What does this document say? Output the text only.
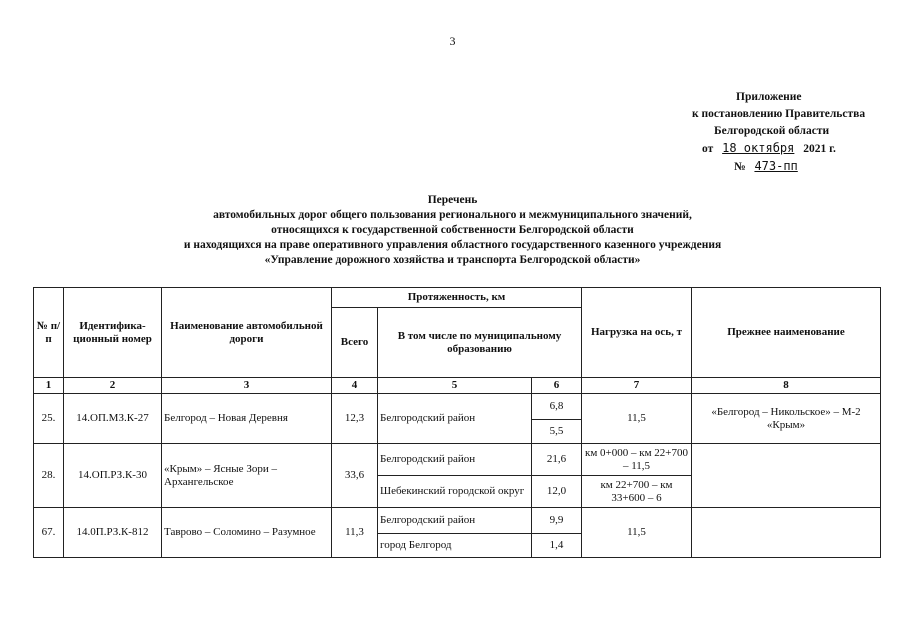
3
Приложение
к постановлению Правительства
Белгородской области
от 18 октября 2021 г.
№ 473-пп
Перечень
автомобильных дорог общего пользования регионального и межмуниципального значений,
относящихся к государственной собственности Белгородской области
и находящихся на праве оперативного управления областного государственного казенного учреждения
«Управление дорожного хозяйства и транспорта Белгородской области»
№ п/п	Идентифика-ционный номер	Наименование автомобильной дороги	Протяженность, км			Нагрузка на ось, т	Прежнее наименование
			Всего	В том числе по муниципальному образованию			
1	2	3	4	5	6	7	8
25.	14.ОП.МЗ.К-27	Белгород – Новая Деревня	12,3	Белгородский район	6,8	11,5	«Белгород – Никольское» – М-2 «Крым»
					5,5		
28.	14.ОП.РЗ.К-30	«Крым» – Ясные Зори – Архангельское	33,6	Белгородский район	21,6	км 0+000 – км 22+700 – 11,5	
				Шебекинский городской округ	12,0	км 22+700 – км 33+600 – 6	
67.	14.0П.РЗ.К-812	Таврово – Соломино – Разумное	11,3	Белгородский район	9,9	11,5	
				город Белгород	1,4		
